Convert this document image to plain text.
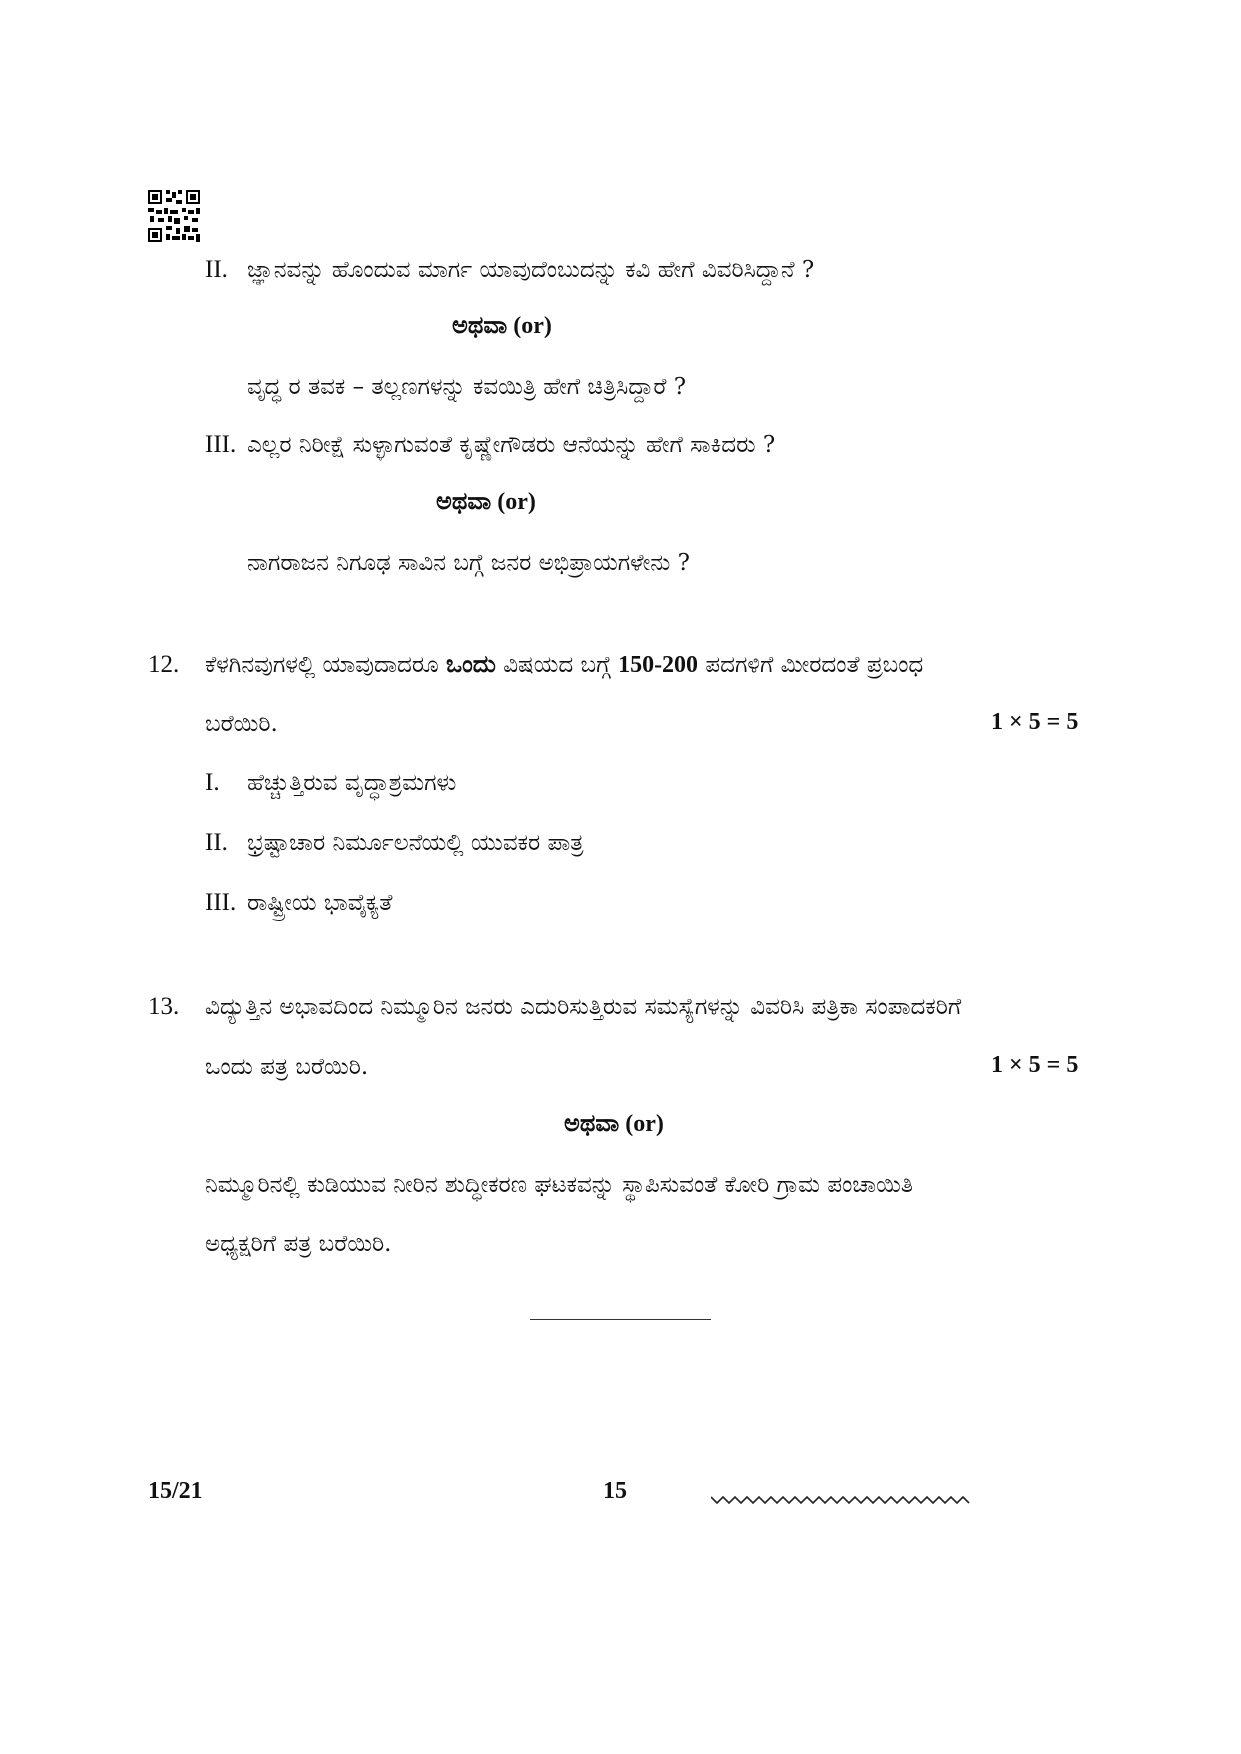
II. ಜ್ಞಾನವನ್ನು ಹೊಂದುವ ಮಾರ್ಗ ಯಾವುದೆಂಬುದನ್ನು ಕವಿ ಹೇಗೆ ವಿವರಿಸಿದ್ದಾನೆ ?
ಅಥವಾ (or)
ವೃದ್ಧ ರ ತವಕ – ತಲ್ಲಣಗಳನ್ನು ಕವಯಿತ್ರಿ ಹೇಗೆ ಚಿತ್ರಿಸಿದ್ದಾರೆ ?
III. ಎಲ್ಲರ ನಿರೀಕ್ಷೆ ಸುಳ್ಳಾಗುವಂತೆ ಕೃಷ್ಣೇಗೌಡರು ಆನೆಯನ್ನು ಹೇಗೆ ಸಾಕಿದರು ?
ಅಥವಾ (or)
ನಾಗರಾಜನ ನಿಗೂಢ ಸಾವಿನ ಬಗ್ಗೆ ಜನರ ಅಭಿಪ್ರಾಯಗಳೇನು ?
12. ಕೆಳಗಿನವುಗಳಲ್ಲಿ ಯಾವುದಾದರೂ ಒಂದು ವಿಷಯದ ಬಗ್ಗೆ 150-200 ಪದಗಳಿಗೆ ಮೀರದಂತೆ ಪ್ರಬಂಧ
ಬರೆಯಿರಿ.	1 × 5 = 5
I. ಹೆಚ್ಚುತ್ತಿರುವ ವೃದ್ಧಾಶ್ರಮಗಳು
II. ಭ್ರಷ್ಟಾಚಾರ ನಿರ್ಮೂಲನೆಯಲ್ಲಿ ಯುವಕರ ಪಾತ್ರ
III. ರಾಷ್ಟ್ರೀಯ ಭಾವೈಕ್ಯತೆ
13. ವಿದ್ಯುತ್ತಿನ ಅಭಾವದಿಂದ ನಿಮ್ಮೂರಿನ ಜನರು ಎದುರಿಸುತ್ತಿರುವ ಸಮಸ್ಯೆಗಳನ್ನು ವಿವರಿಸಿ ಪತ್ರಿಕಾ ಸಂಪಾದಕರಿಗೆ
ಒಂದು ಪತ್ರ ಬರೆಯಿರಿ.	1 × 5 = 5
ಅಥವಾ (or)
ನಿಮ್ಮೂರಿನಲ್ಲಿ ಕುಡಿಯುವ ನೀರಿನ ಶುದ್ಧೀಕರಣ ಘಟಕವನ್ನು ಸ್ಥಾಪಿಸುವಂತೆ ಕೋರಿ ಗ್ರಾಮ ಪಂಚಾಯಿತಿ
ಅಧ್ಯಕ್ಷರಿಗೆ ಪತ್ರ ಬರೆಯಿರಿ.
15/21	15
